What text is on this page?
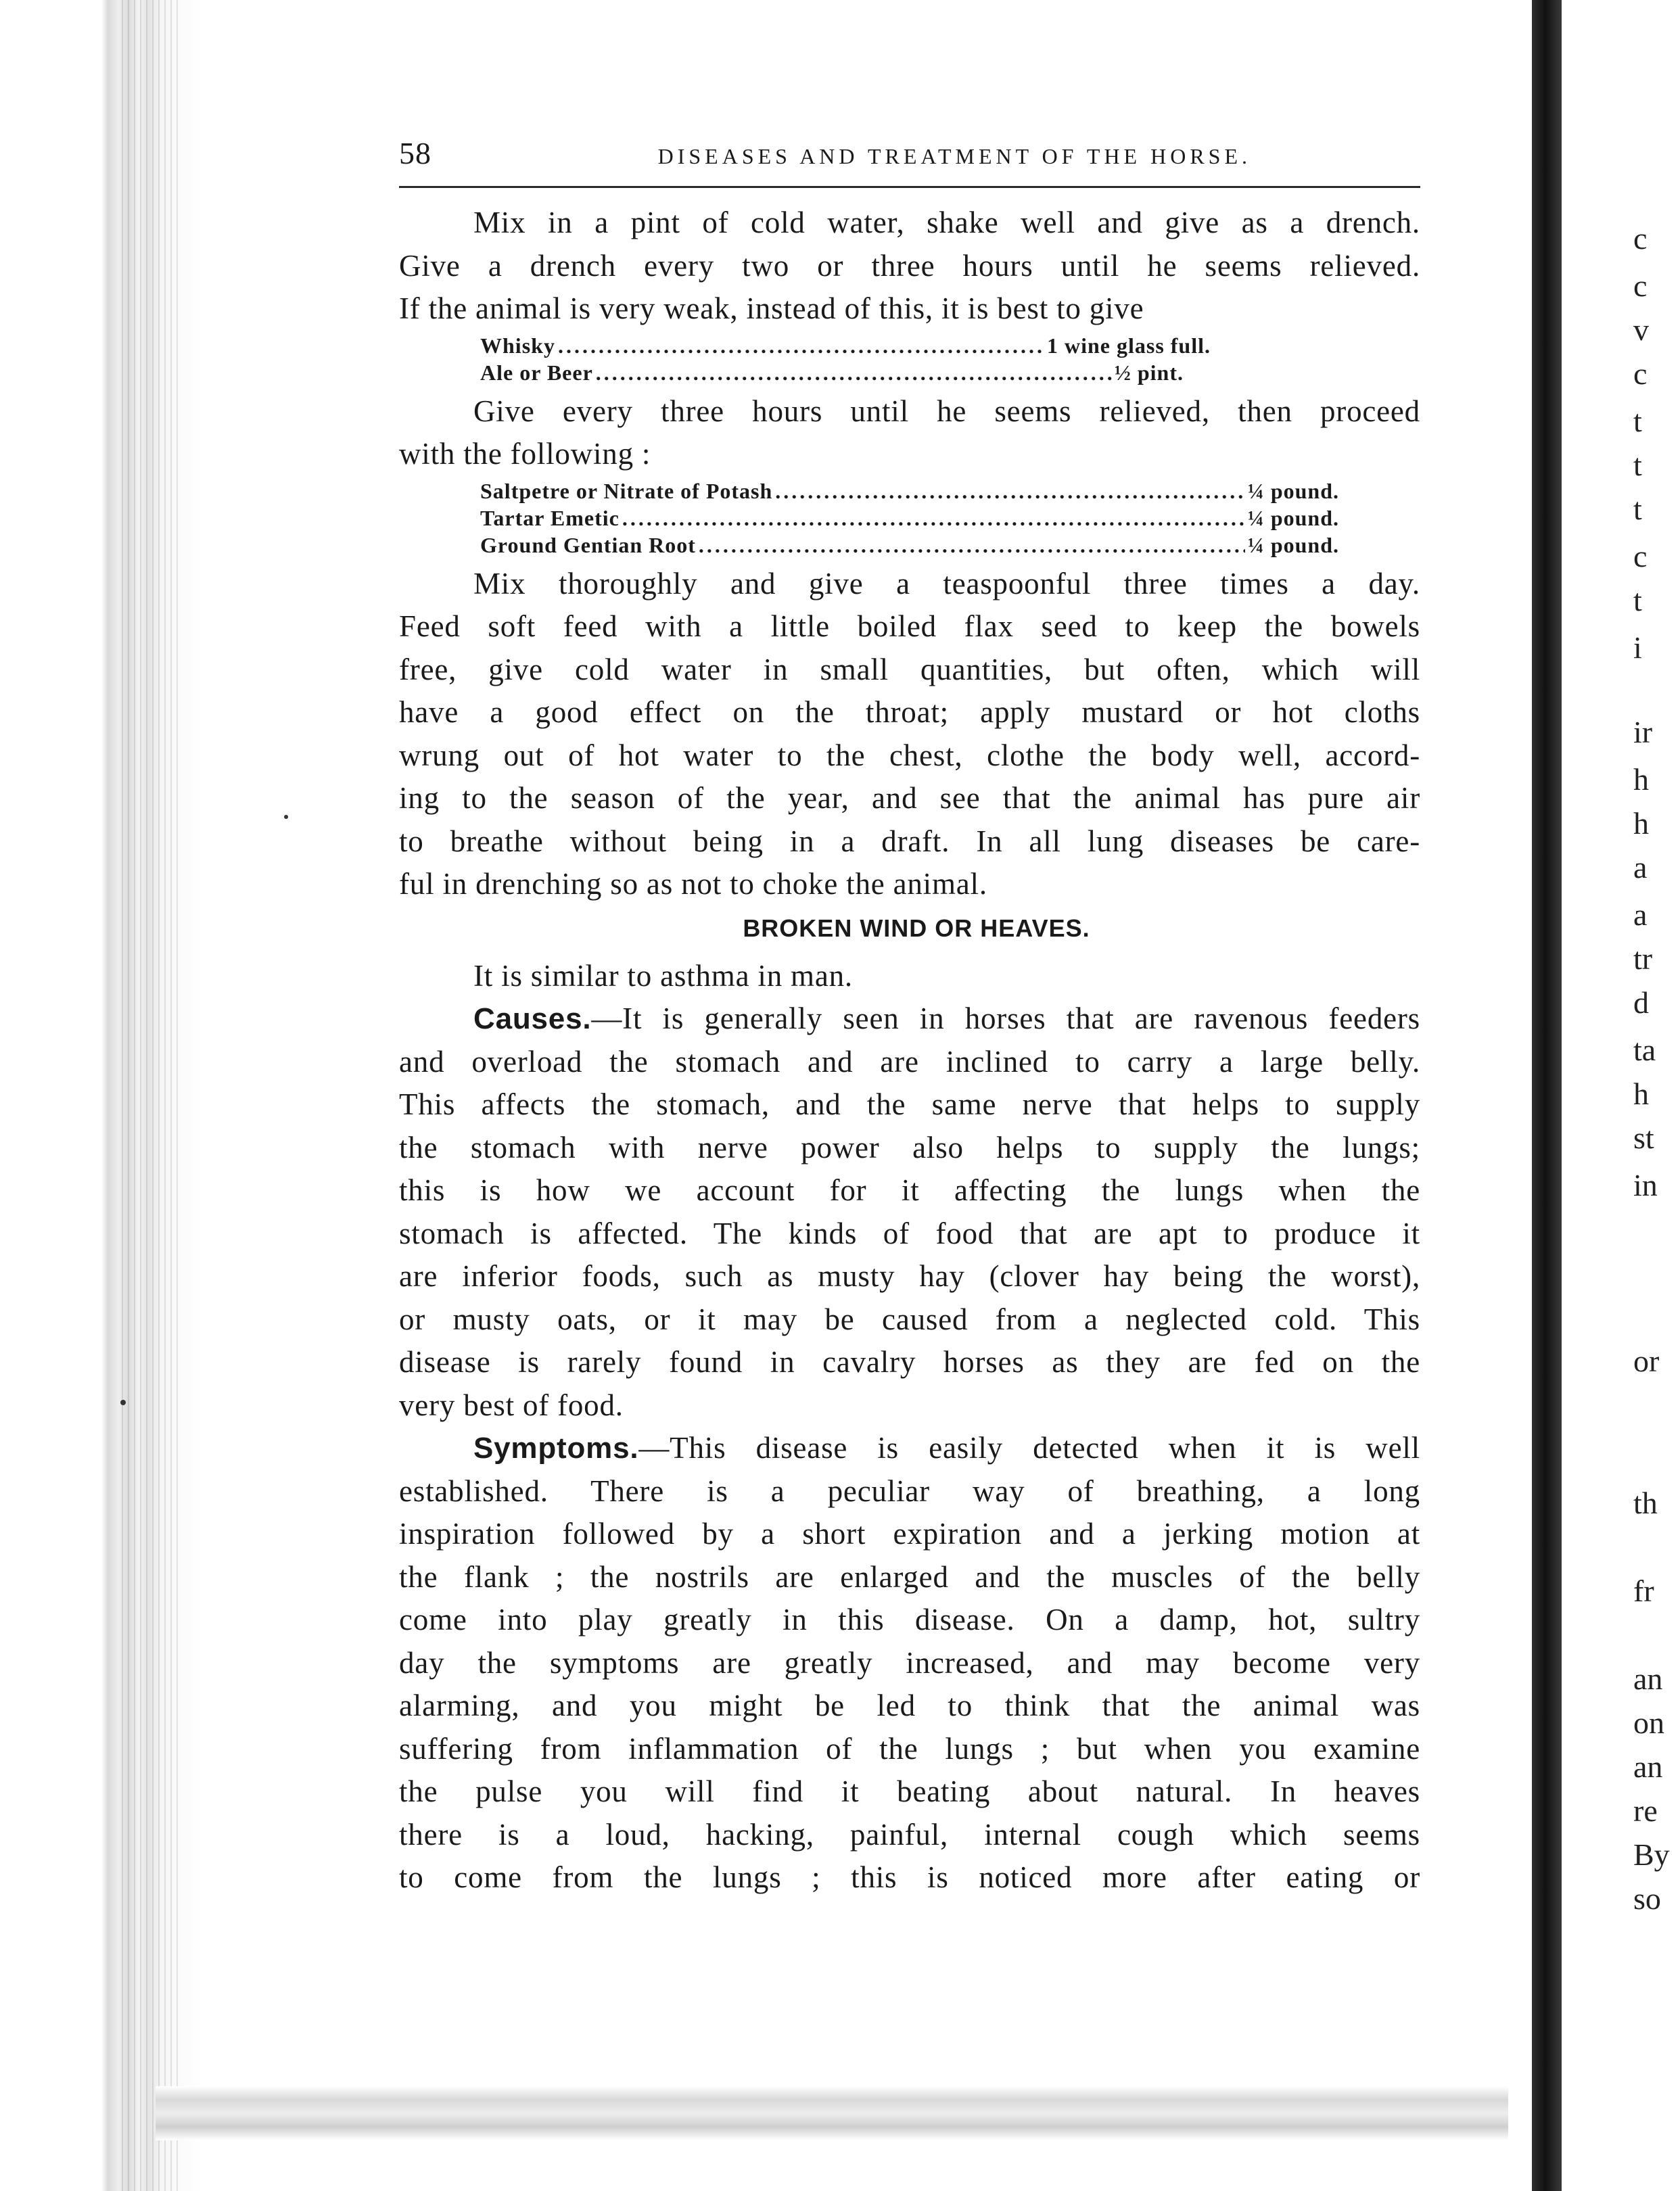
c
c
v
c
t
t
t
c
t
i
ir
h
h
a
a
tr
d
ta
h
st
in
or
th
fr
an
on
an
re
By
so
58	DISEASES AND TREATMENT OF THE HORSE.

Mix in a pint of cold water, shake well and give as a drench.
Give a drench every two or three hours until he seems relieved.
If the animal is very weak, instead of this, it is best to give

Whisky .....	1 wine glass full.
Ale or Beer .....	½ pint.

Give every three hours until he seems relieved, then proceed
with the following :

Saltpetre or Nitrate of Potash .....	¼ pound.
Tartar Emetic .....	¼ pound.
Ground Gentian Root .....	¼ pound.

Mix thoroughly and give a teaspoonful three times a day.
Feed soft feed with a little boiled flax seed to keep the bowels
free, give cold water in small quantities, but often, which will
have a good effect on the throat; apply mustard or hot cloths
wrung out of hot water to the chest, clothe the body well, accord-
ing to the season of the year, and see that the animal has pure air
to breathe without being in a draft. In all lung diseases be care-
ful in drenching so as not to choke the animal.

BROKEN WIND OR HEAVES.

It is similar to asthma in man.

Causes.—It is generally seen in horses that are ravenous feeders
and overload the stomach and are inclined to carry a large belly.
This affects the stomach, and the same nerve that helps to supply
the stomach with nerve power also helps to supply the lungs;
this is how we account for it affecting the lungs when the
stomach is affected. The kinds of food that are apt to produce it
are inferior foods, such as musty hay (clover hay being the worst),
or musty oats, or it may be caused from a neglected cold. This
disease is rarely found in cavalry horses as they are fed on the
very best of food.

Symptoms.—This disease is easily detected when it is well
established. There is a peculiar way of breathing, a long
inspiration followed by a short expiration and a jerking motion at
the flank ; the nostrils are enlarged and the muscles of the belly
come into play greatly in this disease. On a damp, hot, sultry
day the symptoms are greatly increased, and may become very
alarming, and you might be led to think that the animal was
suffering from inflammation of the lungs ; but when you examine
the pulse you will find it beating about natural. In heaves
there is a loud, hacking, painful, internal cough which seems
to come from the lungs ; this is noticed more after eating or
